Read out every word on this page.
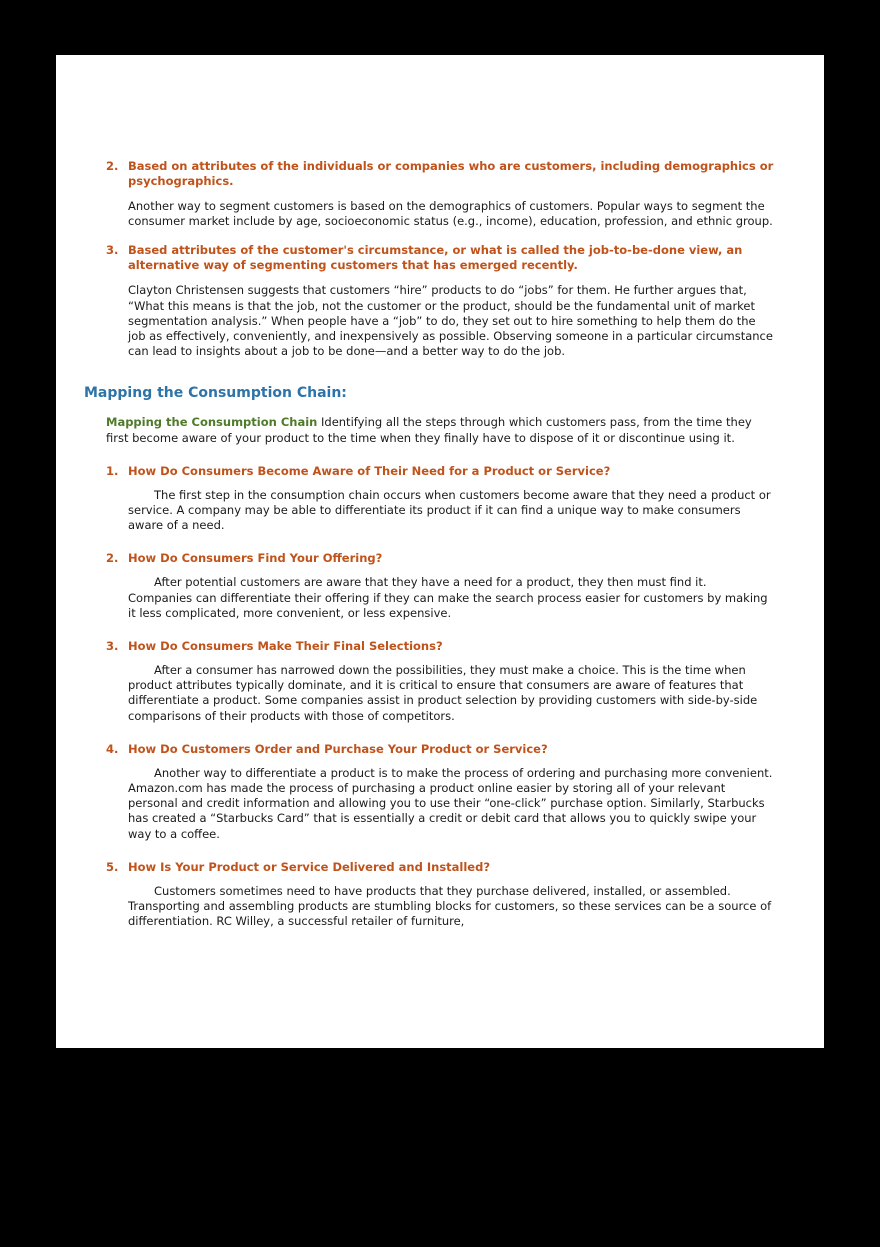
2. Based on attributes of the individuals or companies who are customers, including demographics or psychographics.
Another way to segment customers is based on the demographics of customers. Popular ways to segment the consumer market include by age, socioeconomic status (e.g., income), education, profession, and ethnic group.
3. Based attributes of the customer's circumstance, or what is called the job-to-be-done view, an alternative way of segmenting customers that has emerged recently.
Clayton Christensen suggests that customers “hire” products to do “jobs” for them. He further argues that, “What this means is that the job, not the customer or the product, should be the fundamental unit of market segmentation analysis.” When people have a “job” to do, they set out to hire something to help them do the job as effectively, conveniently, and inexpensively as possible. Observing someone in a particular circumstance can lead to insights about a job to be done—and a better way to do the job.
Mapping the Consumption Chain:
Mapping the Consumption Chain Identifying all the steps through which customers pass, from the time they first become aware of your product to the time when they finally have to dispose of it or discontinue using it.
1. How Do Consumers Become Aware of Their Need for a Product or Service?
The first step in the consumption chain occurs when customers become aware that they need a product or service. A company may be able to differentiate its product if it can find a unique way to make consumers aware of a need.
2. How Do Consumers Find Your Offering?
After potential customers are aware that they have a need for a product, they then must find it. Companies can differentiate their offering if they can make the search process easier for customers by making it less complicated, more convenient, or less expensive.
3. How Do Consumers Make Their Final Selections?
After a consumer has narrowed down the possibilities, they must make a choice. This is the time when product attributes typically dominate, and it is critical to ensure that consumers are aware of features that differentiate a product. Some companies assist in product selection by providing customers with side-by-side comparisons of their products with those of competitors.
4. How Do Customers Order and Purchase Your Product or Service?
Another way to differentiate a product is to make the process of ordering and purchasing more convenient. Amazon.com has made the process of purchasing a product online easier by storing all of your relevant personal and credit information and allowing you to use their “one-click” purchase option. Similarly, Starbucks has created a “Starbucks Card” that is essentially a credit or debit card that allows you to quickly swipe your way to a coffee.
5. How Is Your Product or Service Delivered and Installed?
Customers sometimes need to have products that they purchase delivered, installed, or assembled. Transporting and assembling products are stumbling blocks for customers, so these services can be a source of differentiation. RC Willey, a successful retailer of furniture,
